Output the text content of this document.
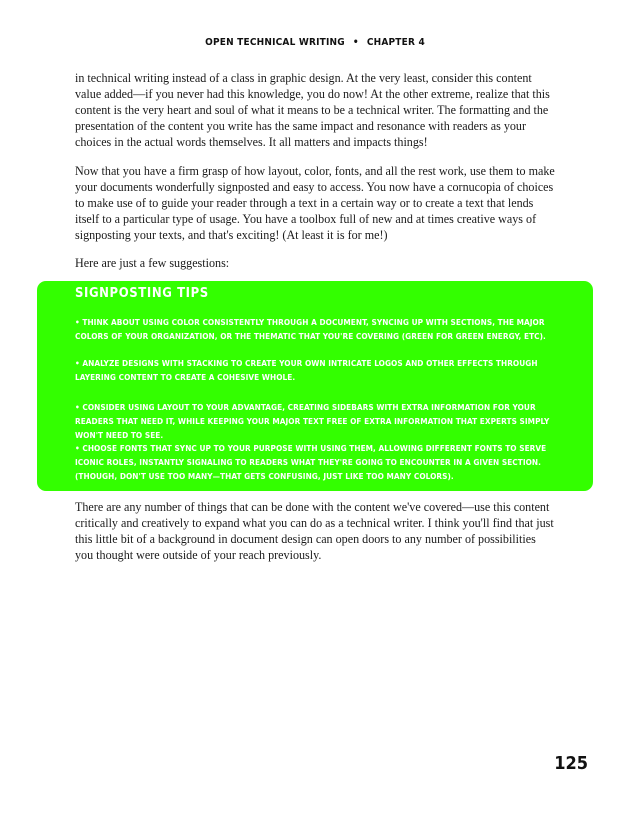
OPEN TECHNICAL WRITING • CHAPTER 4

in technical writing instead of a class in graphic design. At the very least, consider this content value added—if you never had this knowledge, you do now! At the other extreme, realize that this content is the very heart and soul of what it means to be a technical writer. The formatting and the presentation of the content you write has the same impact and resonance with readers as your choices in the actual words themselves. It all matters and impacts things!

Now that you have a firm grasp of how layout, color, fonts, and all the rest work, use them to make your documents wonderfully signposted and easy to access. You now have a cornucopia of choices to make use of to guide your reader through a text in a certain way or to create a text that lends itself to a particular type of usage. You have a toolbox full of new and at times creative ways of signposting your texts, and that's exciting! (At least it is for me!)

Here are just a few suggestions:

SIGNPOSTING TIPS

• THINK ABOUT USING COLOR CONSISTENTLY THROUGH A DOCUMENT, SYNCING UP WITH SECTIONS, THE MAJOR COLORS OF YOUR ORGANIZATION, OR THE THEMATIC THAT YOU'RE COVERING (GREEN FOR GREEN ENERGY, ETC).

• ANALYZE DESIGNS WITH STACKING TO CREATE YOUR OWN INTRICATE LOGOS AND OTHER EFFECTS THROUGH LAYERING CONTENT TO CREATE A COHESIVE WHOLE.

• CONSIDER USING LAYOUT TO YOUR ADVANTAGE, CREATING SIDEBARS WITH EXTRA INFORMATION FOR YOUR READERS THAT NEED IT, WHILE KEEPING YOUR MAJOR TEXT FREE OF EXTRA INFORMATION THAT EXPERTS SIMPLY WON'T NEED TO SEE.

• CHOOSE FONTS THAT SYNC UP TO YOUR PURPOSE WITH USING THEM, ALLOWING DIFFERENT FONTS TO SERVE ICONIC ROLES, INSTANTLY SIGNALING TO READERS WHAT THEY'RE GOING TO ENCOUNTER IN A GIVEN SECTION. (THOUGH, DON'T USE TOO MANY—THAT GETS CONFUSING, JUST LIKE TOO MANY COLORS).

There are any number of things that can be done with the content we've covered—use this content critically and creatively to expand what you can do as a technical writer. I think you'll find that just this little bit of a background in document design can open doors to any number of possibilities you thought were outside of your reach previously.

125
